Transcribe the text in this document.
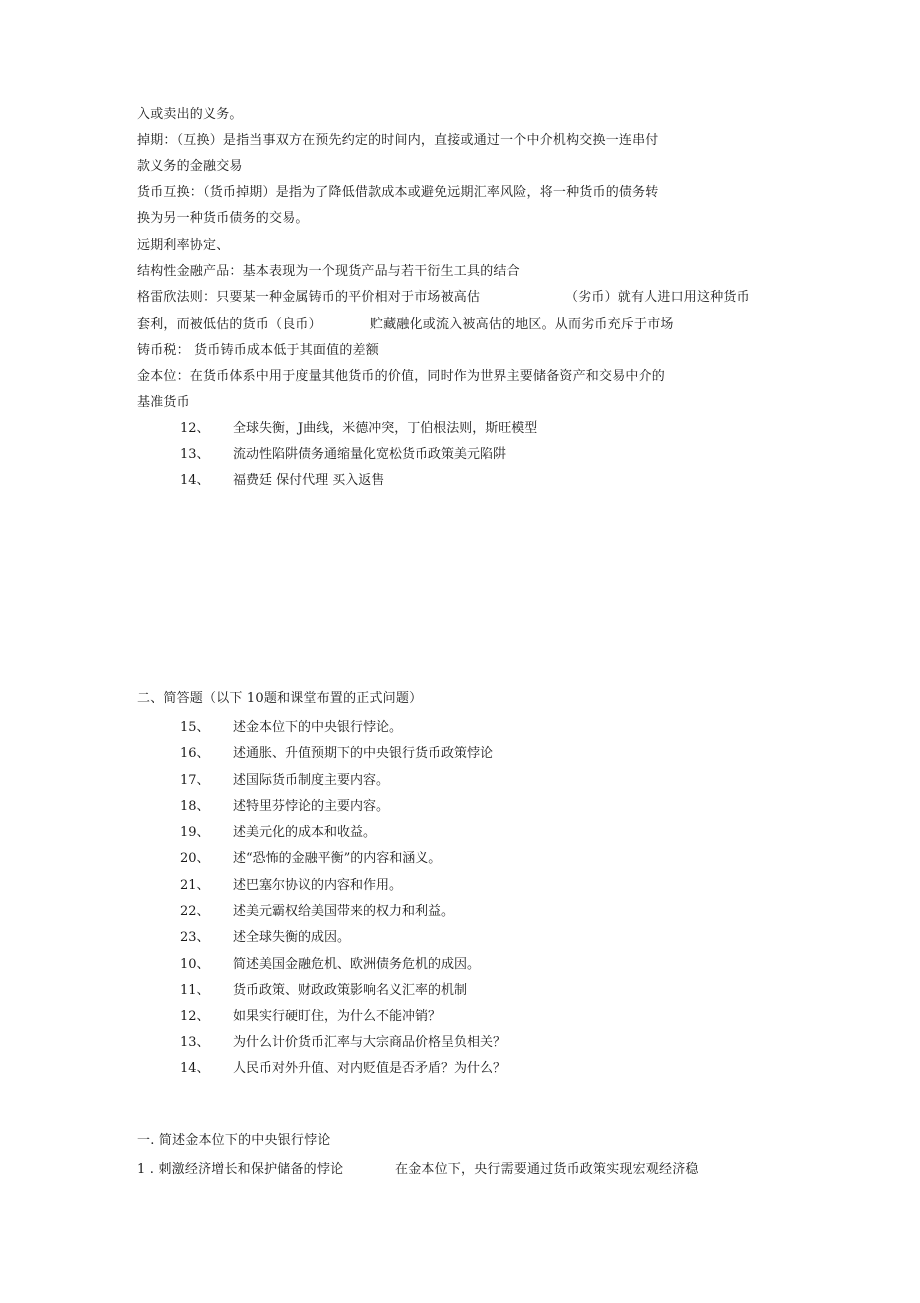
入或卖出的义务。
掉期：（互换）是指当事双方在预先约定的时间内，直接或通过一个中介机构交换一连串付
款义务的金融交易
货币互换：（货币掉期）是指为了降低借款成本或避免远期汇率风险，将一种货币的债务转
换为另一种货币债务的交易。
远期利率协定、
结构性金融产品：基本表现为一个现货产品与若干衍生工具的结合
格雷欣法则：只要某一种金属铸币的平价相对于市场被高估	（劣币）就有人进口用这种货币
套利，而被低估的货币（良币）	贮藏融化或流入被高估的地区。从而劣币充斥于市场
铸币税： 货币铸币成本低于其面值的差额
金本位：在货币体系中用于度量其他货币的价值，同时作为世界主要储备资产和交易中介的
基准货币
12、 全球失衡，J曲线，米德冲突，丁伯根法则，斯旺模型
13、 流动性陷阱债务通缩量化宽松货币政策美元陷阱
14、 福费廷 保付代理 买入返售
二、简答题（以下 10题和课堂布置的正式问题）
15、 述金本位下的中央银行悖论。
16、 述通胀、升值预期下的中央银行货币政策悖论
17、 述国际货币制度主要内容。
18、 述特里芬悖论的主要内容。
19、 述美元化的成本和收益。
20、 述“恐怖的金融平衡”的内容和涵义。
21、 述巴塞尔协议的内容和作用。
22、 述美元霸权给美国带来的权力和利益。
23、 述全球失衡的成因。
10、 简述美国金融危机、欧洲债务危机的成因。
11、 货币政策、财政政策影响名义汇率的机制
12、 如果实行硬盯住，为什么不能冲销？
13、 为什么计价货币汇率与大宗商品价格呈负相关？
14、 人民币对外升值、对内贬值是否矛盾？为什么？
一. 简述金本位下的中央银行悖论
1 . 刺激经济增长和保护储备的悖论	在金本位下，央行需要通过货币政策实现宏观经济稳
